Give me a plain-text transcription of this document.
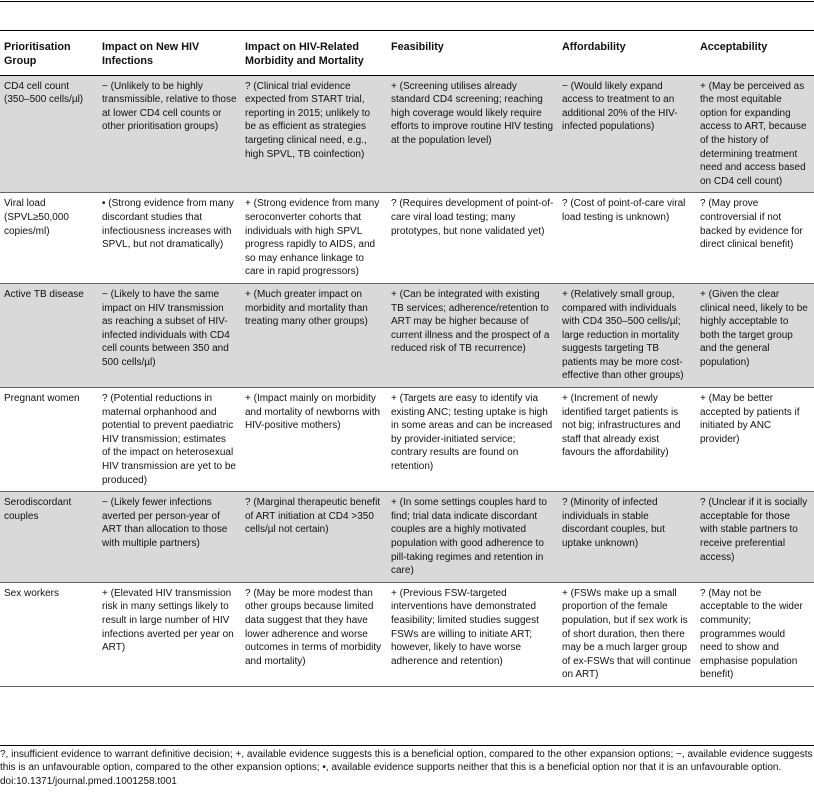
Prioritisation Group	Impact on New HIV Infections	Impact on HIV-Related Morbidity and Mortality	Feasibility	Affordability	Acceptability
CD4 cell count (350–500 cells/µl)	− (Unlikely to be highly transmissible, relative to those at lower CD4 cell counts or other prioritisation groups)	? (Clinical trial evidence expected from START trial, reporting in 2015; unlikely to be as efficient as strategies targeting clinical need, e.g., high SPVL, TB coinfection)	+ (Screening utilises already standard CD4 screening; reaching high coverage would likely require efforts to improve routine HIV testing at the population level)	− (Would likely expand access to treatment to an additional 20% of the HIV-infected populations)	+ (May be perceived as the most equitable option for expanding access to ART, because of the history of determining treatment need and access based on CD4 cell count)
Viral load (SPVL≥50,000 copies/ml)	• (Strong evidence from many discordant studies that infectiousness increases with SPVL, but not dramatically)	+ (Strong evidence from many seroconverter cohorts that individuals with high SPVL progress rapidly to AIDS, and so may enhance linkage to care in rapid progressors)	? (Requires development of point-of-care viral load testing; many prototypes, but none validated yet)	? (Cost of point-of-care viral load testing is unknown)	? (May prove controversial if not backed by evidence for direct clinical benefit)
Active TB disease	− (Likely to have the same impact on HIV transmission as reaching a subset of HIV-infected individuals with CD4 cell counts between 350 and 500 cells/µl)	+ (Much greater impact on morbidity and mortality than treating many other groups)	+ (Can be integrated with existing TB services; adherence/retention to ART may be higher because of current illness and the prospect of a reduced risk of TB recurrence)	+ (Relatively small group, compared with individuals with CD4 350–500 cells/µl; large reduction in mortality suggests targeting TB patients may be more cost-effective than other groups)	+ (Given the clear clinical need, likely to be highly acceptable to both the target group and the general population)
Pregnant women	? (Potential reductions in maternal orphanhood and potential to prevent paediatric HIV transmission; estimates of the impact on heterosexual HIV transmission are yet to be produced)	+ (Impact mainly on morbidity and mortality of newborns with HIV-positive mothers)	+ (Targets are easy to identify via existing ANC; testing uptake is high in some areas and can be increased by provider-initiated service; contrary results are found on retention)	+ (Increment of newly identified target patients is not big; infrastructures and staff that already exist favours the affordability)	+ (May be better accepted by patients if initiated by ANC provider)
Serodiscordant couples	− (Likely fewer infections averted per person-year of ART than allocation to those with multiple partners)	? (Marginal therapeutic benefit of ART initiation at CD4 >350 cells/µl not certain)	+ (In some settings couples hard to find; trial data indicate discordant couples are a highly motivated population with good adherence to pill-taking regimes and retention in care)	? (Minority of infected individuals in stable discordant couples, but uptake unknown)	? (Unclear if it is socially acceptable for those with stable partners to receive preferential access)
Sex workers	+ (Elevated HIV transmission risk in many settings likely to result in large number of HIV infections averted per year on ART)	? (May be more modest than other groups because limited data suggest that they have lower adherence and worse outcomes in terms of morbidity and mortality)	+ (Previous FSW-targeted interventions have demonstrated feasibility; limited studies suggest FSWs are willing to initiate ART; however, likely to have worse adherence and retention)	+ (FSWs make up a small proportion of the female population, but if sex work is of short duration, then there may be a much larger group of ex-FSWs that will continue on ART)	? (May not be acceptable to the wider community; programmes would need to show and emphasise population benefit)
?, insufficient evidence to warrant definitive decision; +, available evidence suggests this is a beneficial option, compared to the other expansion options; −, available evidence suggests this is an unfavourable option, compared to the other expansion options; •, available evidence supports neither that this is a beneficial option nor that it is an unfavourable option.
doi:10.1371/journal.pmed.1001258.t001
